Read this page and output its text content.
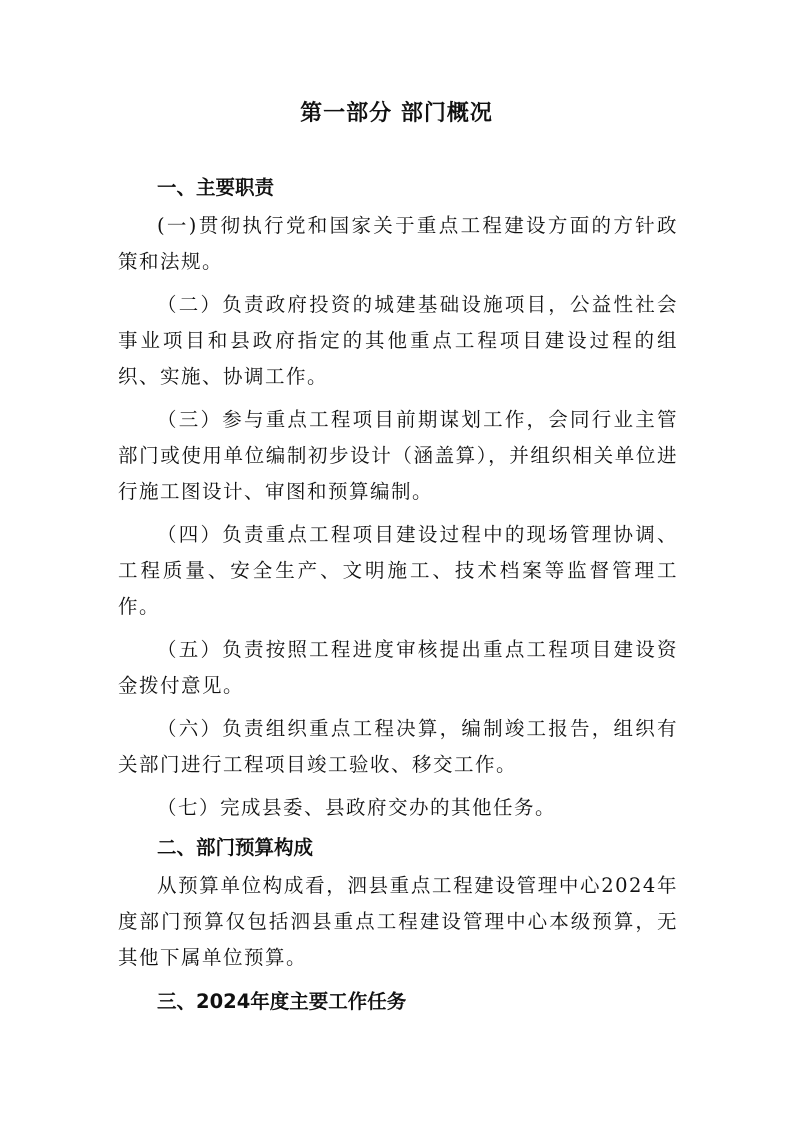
第一部分 部门概况

一、主要职责

(一)贯彻执行党和国家关于重点工程建设方面的方针政策和法规。

（二）负责政府投资的城建基础设施项目，公益性社会事业项目和县政府指定的其他重点工程项目建设过程的组织、实施、协调工作。

（三）参与重点工程项目前期谋划工作，会同行业主管部门或使用单位编制初步设计（涵盖算），并组织相关单位进行施工图设计、审图和预算编制。

（四）负责重点工程项目建设过程中的现场管理协调、工程质量、安全生产、文明施工、技术档案等监督管理工作。

（五）负责按照工程进度审核提出重点工程项目建设资金拨付意见。

（六）负责组织重点工程决算，编制竣工报告，组织有关部门进行工程项目竣工验收、移交工作。

（七）完成县委、县政府交办的其他任务。

二、部门预算构成

从预算单位构成看，泗县重点工程建设管理中心2024年度部门预算仅包括泗县重点工程建设管理中心本级预算，无其他下属单位预算。

三、2024年度主要工作任务
